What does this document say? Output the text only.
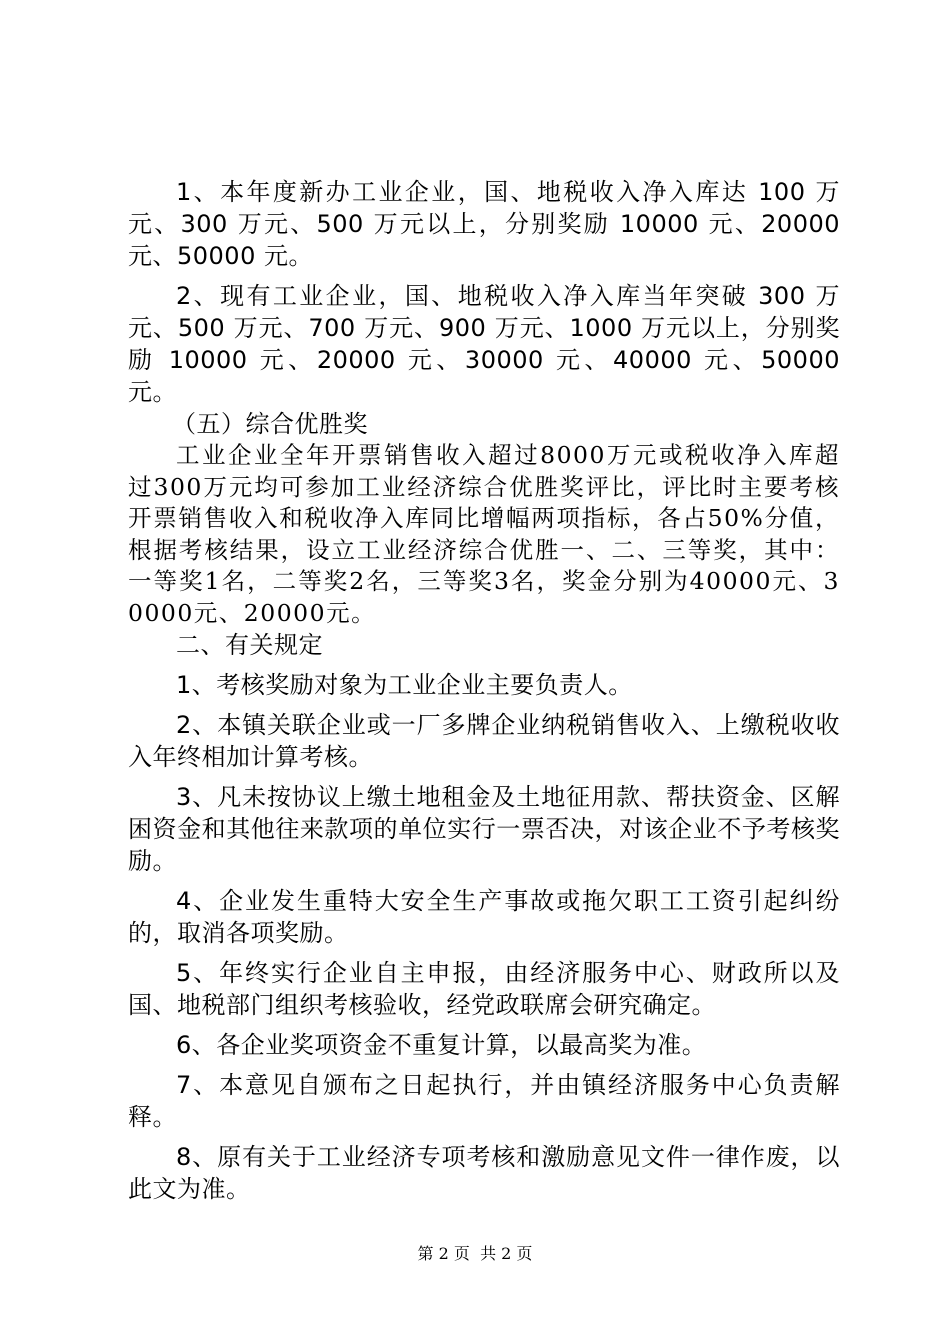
1、本年度新办工业企业，国、地税收入净入库达 100 万元、300 万元、500 万元以上，分别奖励 10000 元、20000 元、50000 元。

2、现有工业企业，国、地税收入净入库当年突破 300 万元、500 万元、700 万元、900 万元、1000 万元以上，分别奖励 10000 元、20000 元、30000 元、40000 元、50000 元。

（五）综合优胜奖

工业企业全年开票销售收入超过8000万元或税收净入库超过300万元均可参加工业经济综合优胜奖评比，评比时主要考核开票销售收入和税收净入库同比增幅两项指标，各占50%分值，根据考核结果，设立工业经济综合优胜一、二、三等奖，其中：一等奖1名，二等奖2名，三等奖3名，奖金分别为40000元、30000元、20000元。

二、有关规定

1、考核奖励对象为工业企业主要负责人。

2、本镇关联企业或一厂多牌企业纳税销售收入、上缴税收收入年终相加计算考核。

3、凡未按协议上缴土地租金及土地征用款、帮扶资金、区解困资金和其他往来款项的单位实行一票否决，对该企业不予考核奖励。

4、企业发生重特大安全生产事故或拖欠职工工资引起纠纷的，取消各项奖励。

5、年终实行企业自主申报，由经济服务中心、财政所以及国、地税部门组织考核验收，经党政联席会研究确定。

6、各企业奖项资金不重复计算，以最高奖为准。

7、本意见自颁布之日起执行，并由镇经济服务中心负责解释。

8、原有关于工业经济专项考核和激励意见文件一律作废，以此文为准。

第 2 页  共 2 页
